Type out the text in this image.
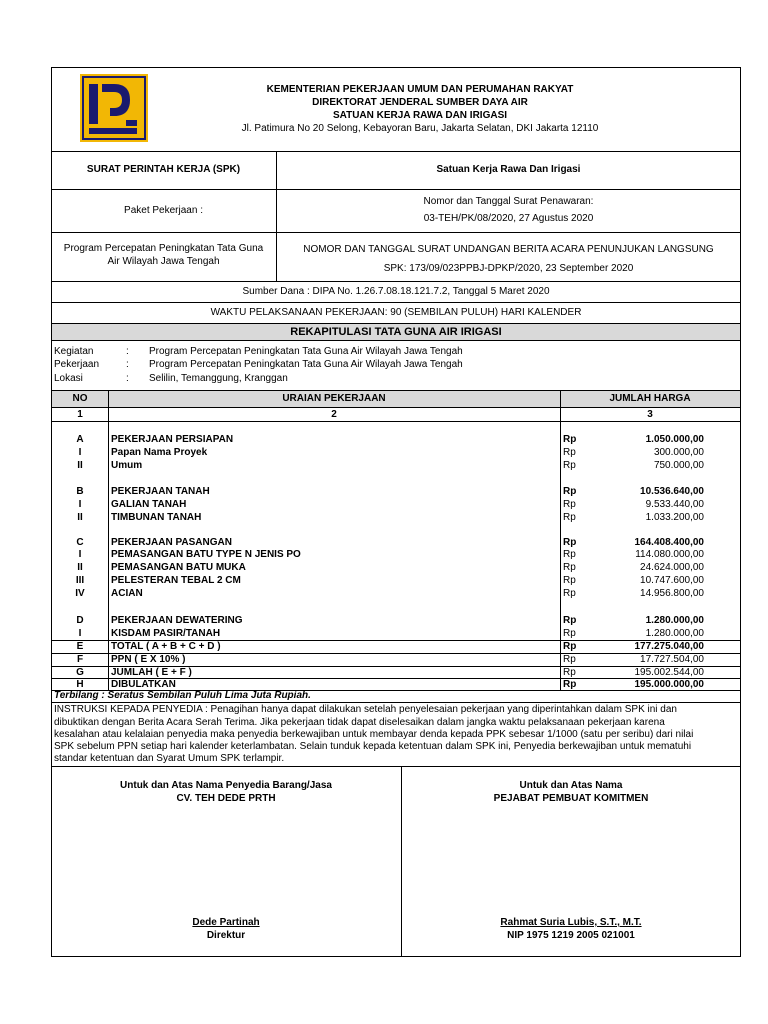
KEMENTERIAN PEKERJAAN UMUM DAN PERUMAHAN RAKYAT
DIREKTORAT JENDERAL SUMBER DAYA AIR
SATUAN KERJA RAWA DAN IRIGASI
Jl. Patimura No 20 Selong, Kebayoran Baru, Jakarta Selatan, DKI Jakarta 12110
SURAT PERINTAH KERJA (SPK)	Satuan Kerja Rawa Dan Irigasi
Paket Pekerjaan :
Nomor dan Tanggal Surat Penawaran:
03-TEH/PK/08/2020, 27 Agustus 2020
Program Percepatan Peningkatan Tata Guna
Air Wilayah Jawa Tengah
NOMOR DAN TANGGAL SURAT UNDANGAN BERITA ACARA PENUNJUKAN LANGSUNG
SPK: 173/09/023PPBJ-DPKP/2020, 23 September 2020
Sumber Dana : DIPA No. 1.26.7.08.18.121.7.2, Tanggal 5 Maret 2020
WAKTU PELAKSANAAN PEKERJAAN: 90 (SEMBILAN PULUH) HARI KALENDER
REKAPITULASI TATA GUNA AIR IRIGASI
Kegiatan	: Program Percepatan Peningkatan Tata Guna Air Wilayah Jawa Tengah
Pekerjaan	: Program Percepatan Peningkatan Tata Guna Air Wilayah Jawa Tengah
Lokasi	: Selilin, Temanggung, Kranggan
NO	URAIAN PEKERJAAN	JUMLAH HARGA
1	2	3
A	PEKERJAAN PERSIAPAN	Rp	1.050.000,00
I	Papan Nama Proyek	Rp	300.000,00
II	Umum	Rp	750.000,00
B	PEKERJAAN TANAH	Rp	10.536.640,00
I	GALIAN TANAH	Rp	9.533.440,00
II	TIMBUNAN TANAH	Rp	1.033.200,00
C	PEKERJAAN PASANGAN	Rp	164.408.400,00
I	PEMASANGAN BATU TYPE N JENIS PO	Rp	114.080.000,00
II	PEMASANGAN BATU MUKA	Rp	24.624.000,00
III	PELESTERAN TEBAL 2 CM	Rp	10.747.600,00
IV	ACIAN	Rp	14.956.800,00
D	PEKERJAAN DEWATERING	Rp	1.280.000,00
I	KISDAM PASIR/TANAH	Rp	1.280.000,00
E	TOTAL ( A + B + C + D )	Rp	177.275.040,00
F	PPN ( E X 10% )	Rp	17.727.504,00
G	JUMLAH ( E + F )	Rp	195.002.544,00
H	DIBULATKAN	Rp	195.000.000,00
Terbilang : Seratus Sembilan Puluh Lima Juta Rupiah.
INSTRUKSI KEPADA PENYEDIA : Penagihan hanya dapat dilakukan setelah penyelesaian pekerjaan yang diperintahkan dalam SPK ini dan
dibuktikan dengan Berita Acara Serah Terima. Jika pekerjaan tidak dapat diselesaikan dalam jangka waktu pelaksanaan pekerjaan karena
kesalahan atau kelalaian penyedia maka penyedia berkewajiban untuk membayar denda kepada PPK sebesar 1/1000 (satu per seribu) dari nilai
SPK sebelum PPN setiap hari kalender keterlambatan. Selain tunduk kepada ketentuan dalam SPK ini, Penyedia berkewajiban untuk mematuhi
standar ketentuan dan Syarat Umum SPK terlampir.
Untuk dan Atas Nama Penyedia Barang/Jasa
CV. TEH DEDE PRTH
Dede Partinah
Direktur
Untuk dan Atas Nama
PEJABAT PEMBUAT KOMITMEN
Rahmat Suria Lubis, S.T., M.T.
NIP 1975 1219 2005 021001
